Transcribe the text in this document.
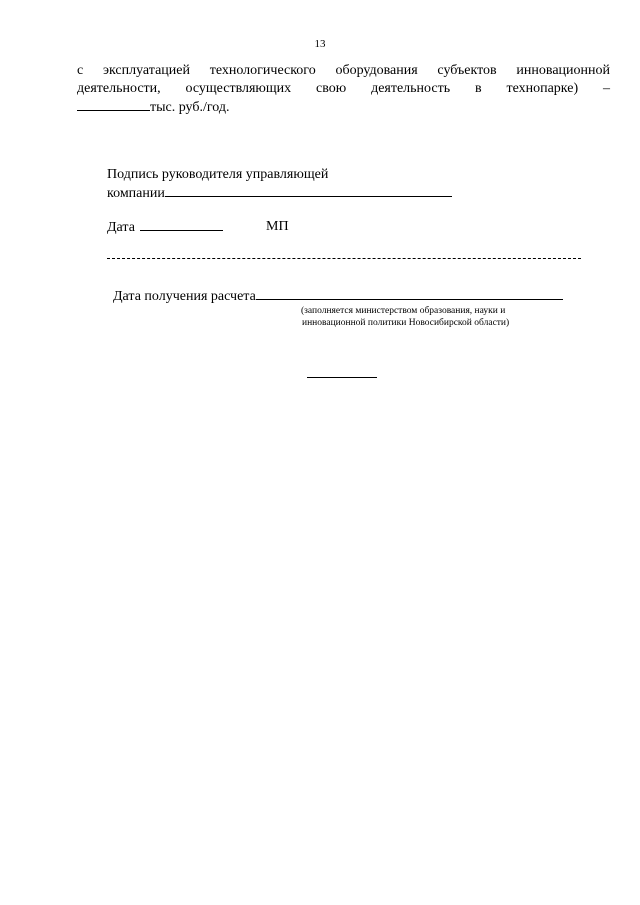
13
с эксплуатацией технологического оборудования субъектов инновационной
деятельности, осуществляющих свою деятельность в технопарке) –
тыс. руб./год.
Подпись руководителя управляющей
компании
Дата	МП
Дата получения расчета
(заполняется министерством образования, науки и
инновационной политики Новосибирской области)
